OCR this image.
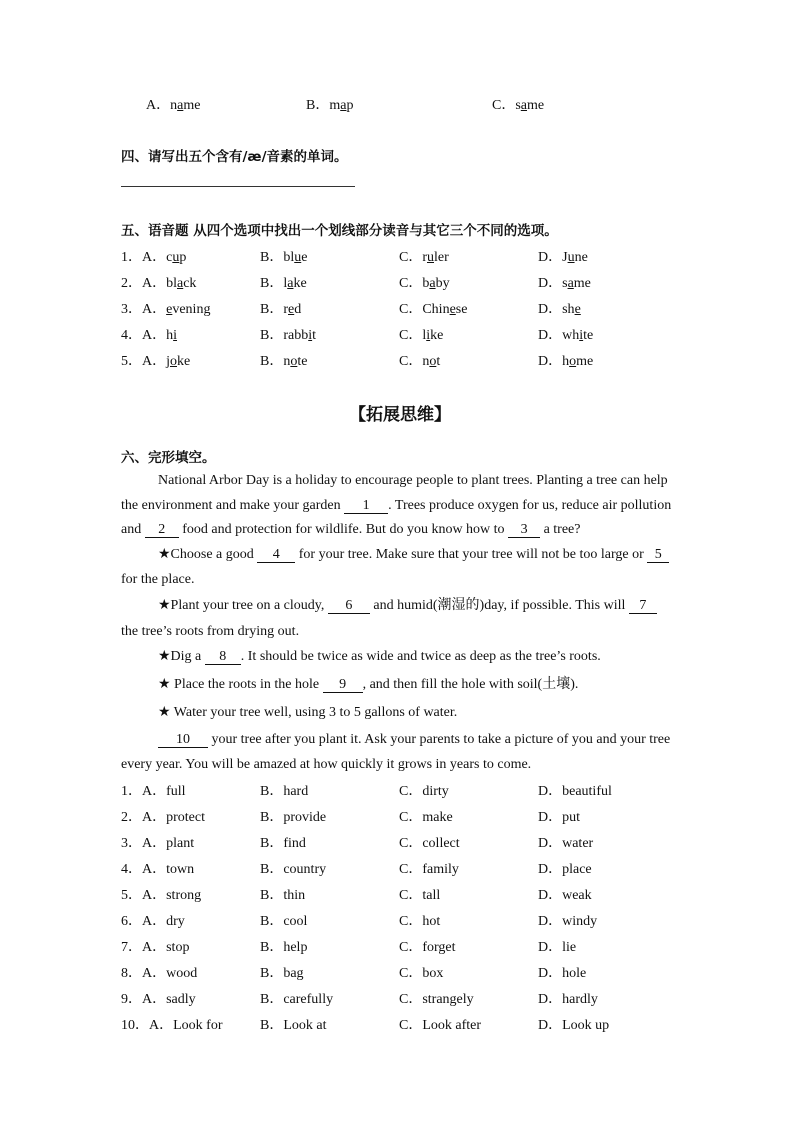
A．name	B．map	C．same
四、请写出五个含有/æ/音素的单词。
五、语音题 从四个选项中找出一个划线部分读音与其它三个不同的选项。
1．A．cup	B．blue	C．ruler	D．June
2．A．black	B．lake	C．baby	D．same
3．A．evening	B．red	C．Chinese	D．she
4．A．hi	B．rabbit	C．like	D．white
5．A．joke	B．note	C．not	D．home
【拓展思维】
六、完形填空。
National Arbor Day is a holiday to encourage people to plant trees. Planting a tree can help
the environment and make your garden 1 . Trees produce oxygen for us, reduce air pollution
and 2 food and protection for wildlife. But do you know how to 3 a tree?
★Choose a good 4 for your tree. Make sure that your tree will not be too large or 5
for the place.
★Plant your tree on a cloudy, 6 and humid(潮湿的)day, if possible. This will 7
the tree’s roots from drying out.
★Dig a 8 . It should be twice as wide and twice as deep as the tree’s roots.
★ Place the roots in the hole 9 , and then fill the hole with soil(土壤).
★ Water your tree well, using 3 to 5 gallons of water.
10 your tree after you plant it. Ask your parents to take a picture of you and your tree
every year. You will be amazed at how quickly it grows in years to come.
1．A．full	B．hard	C．dirty	D．beautiful
2．A．protect	B．provide	C．make	D．put
3．A．plant	B．find	C．collect	D．water
4．A．town	B．country	C．family	D．place
5．A．strong	B．thin	C．tall	D．weak
6．A．dry	B．cool	C．hot	D．windy
7．A．stop	B．help	C．forget	D．lie
8．A．wood	B．bag	C．box	D．hole
9．A．sadly	B．carefully	C．strangely	D．hardly
10．A．Look for	B．Look at	C．Look after	D．Look up
